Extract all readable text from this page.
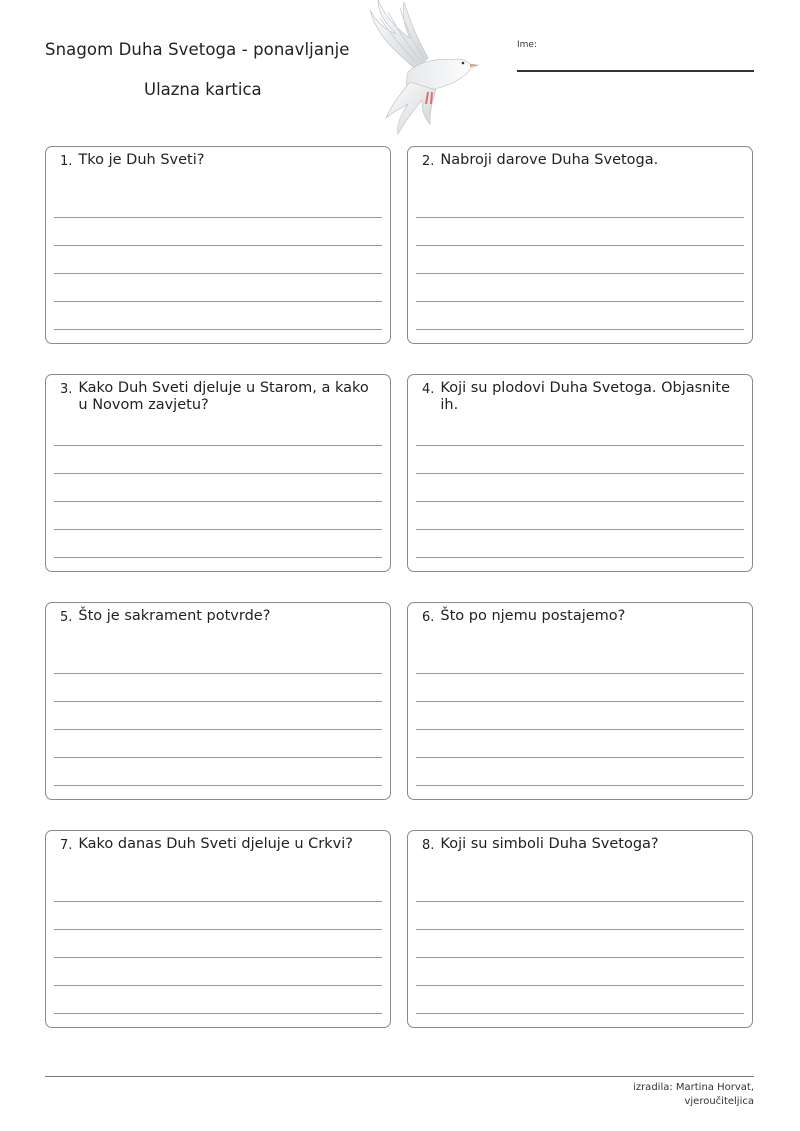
Snagom Duha Svetoga - ponavljanje
Ulazna kartica
Ime:
1. Tko je Duh Sveti?	2. Nabroji darove Duha Svetoga.
3. Kako Duh Sveti djeluje u Starom, a kako u Novom zavjetu?
4. Koji su plodovi Duha Svetoga. Objasnite ih.
5. Što je sakrament potvrde?	6. Što po njemu postajemo?
7. Kako danas Duh Sveti djeluje u Crkvi?	8. Koji su simboli Duha Svetoga?
izradila: Martina Horvat,
vjeroučiteljica
